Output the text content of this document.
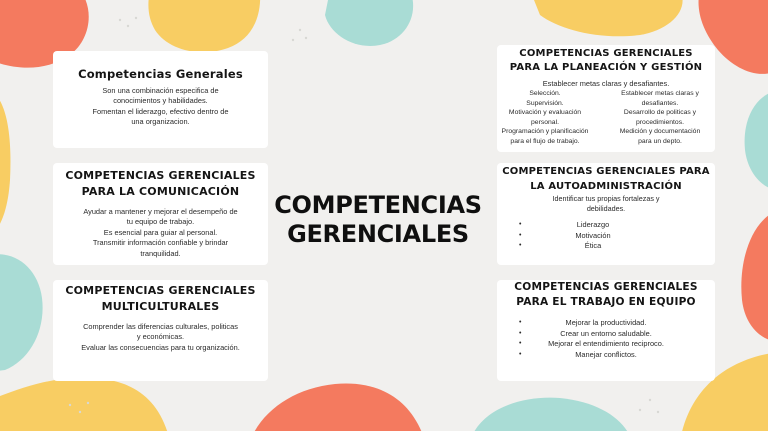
Competencias Generales
Son una combinación especifica de
conocimientos y habilidades.
Fomentan el liderazgo, efectivo dentro de
una organizacion.
COMPETENCIAS GERENCIALES
PARA LA COMUNICACIÓN
Ayudar a mantener y mejorar el desempeño de
tu equipo de trabajo.
Es esencial para guiar al personal.
Transmitir información confiable y brindar
tranquilidad.
COMPETENCIAS GERENCIALES
MULTICULTURALES
Comprender las diferencias culturales, politicas
y económicas.
Evaluar las consecuencias para tu organización.
COMPETENCIAS
GERENCIALES
COMPETENCIAS GERENCIALES
PARA LA PLANEACIÓN Y GESTIÓN
Establecer metas claras y desafiantes.
Selección.
Supervisión.
Motivación y evaluación
personal.
Programación y planificación
para el flujo de trabajo.
Establecer metas claras y
desafiantes.
Desarrollo de politicas y
procedimientos.
Medición y documentación
para un depto.
COMPETENCIAS GERENCIALES PARA
LA AUTOADMINISTRACIÓN
Identificar tus propias fortalezas y
debilidades.
• Liderazgo
• Motivación
• Ética
COMPETENCIAS GERENCIALES
PARA EL TRABAJO EN EQUIPO
• Mejorar la productividad.
• Crear un entorno saludable.
• Mejorar el entendimiento reciproco.
• Manejar conflictos.
